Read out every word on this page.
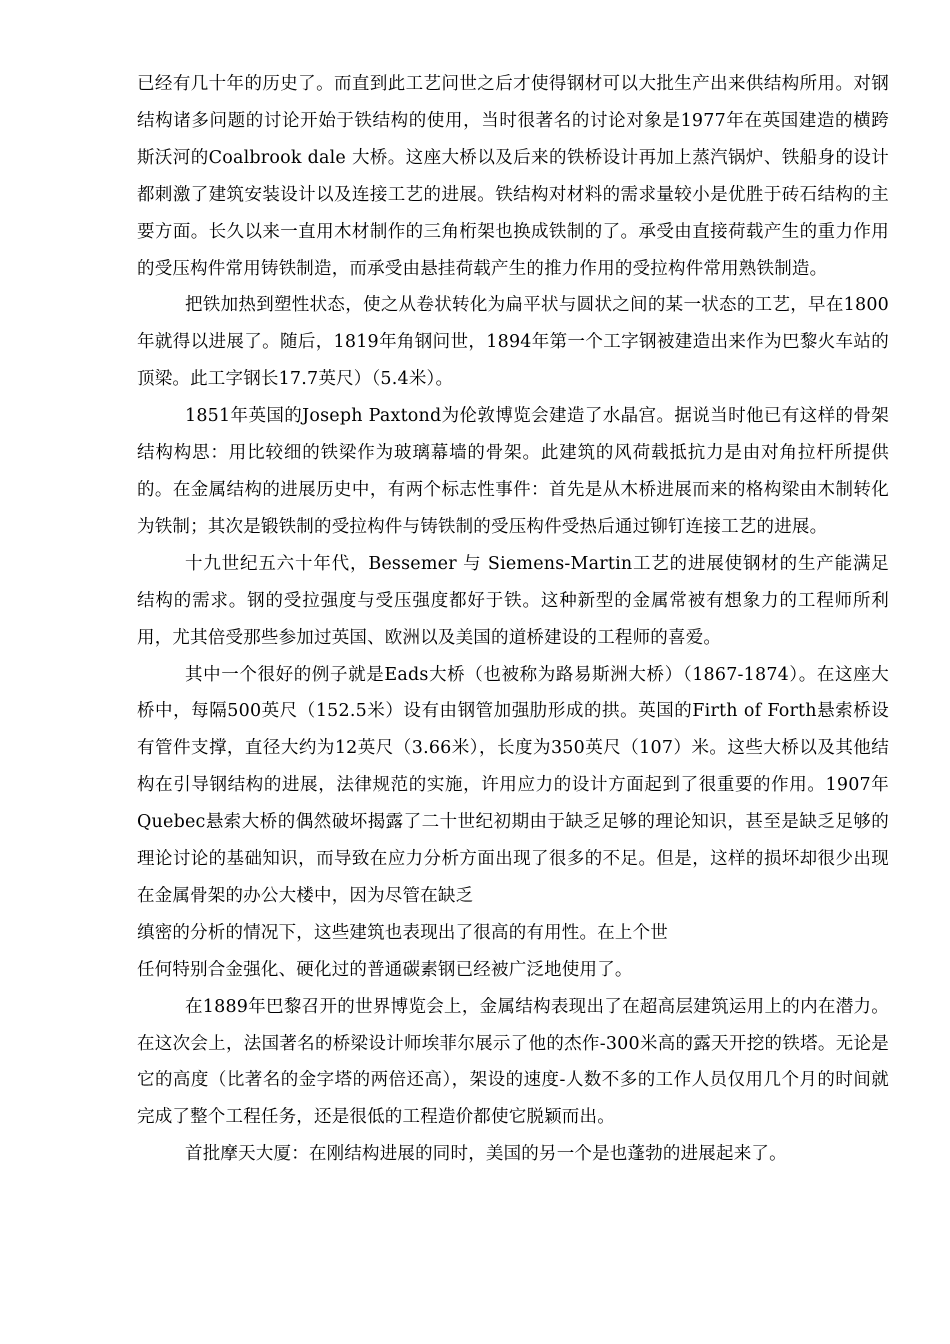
已经有几十年的历史了。而直到此工艺问世之后才使得钢材可以大批生产出来供结构所用。对钢结构诸多问题的讨论开始于铁结构的使用，当时很著名的讨论对象是1977年在英国建造的横跨斯沃河的Coalbrook dale 大桥。这座大桥以及后来的铁桥设计再加上蒸汽锅炉、铁船身的设计都刺激了建筑安装设计以及连接工艺的进展。铁结构对材料的需求量较小是优胜于砖石结构的主要方面。长久以来一直用木材制作的三角桁架也换成铁制的了。承受由直接荷载产生的重力作用的受压构件常用铸铁制造，而承受由悬挂荷载产生的推力作用的受拉构件常用熟铁制造。

把铁加热到塑性状态，使之从卷状转化为扁平状与圆状之间的某一状态的工艺，早在1800年就得以进展了。随后，1819年角钢问世，1894年第一个工字钢被建造出来作为巴黎火车站的顶梁。此工字钢长17.7英尺）（5.4米）。

1851年英国的Joseph Paxtond为伦敦博览会建造了水晶宫。据说当时他已有这样的骨架结构构思：用比较细的铁梁作为玻璃幕墙的骨架。此建筑的风荷载抵抗力是由对角拉杆所提供的。在金属结构的进展历史中，有两个标志性事件：首先是从木桥进展而来的格构梁由木制转化为铁制；其次是锻铁制的受拉构件与铸铁制的受压构件受热后通过铆钉连接工艺的进展。

十九世纪五六十年代，Bessemer 与 Siemens-Martin工艺的进展使钢材的生产能满足结构的需求。钢的受拉强度与受压强度都好于铁。这种新型的金属常被有想象力的工程师所利用，尤其倍受那些参加过英国、欧洲以及美国的道桥建设的工程师的喜爱。

其中一个很好的例子就是Eads大桥（也被称为路易斯洲大桥）（1867-1874）。在这座大桥中，每隔500英尺（152.5米）设有由钢管加强肋形成的拱。英国的Firth of Forth悬索桥设有管件支撑，直径大约为12英尺（3.66米），长度为350英尺（107）米。这些大桥以及其他结构在引导钢结构的进展，法律规范的实施，许用应力的设计方面起到了很重要的作用。1907年Quebec悬索大桥的偶然破坏揭露了二十世纪初期由于缺乏足够的理论知识，甚至是缺乏足够的理论讨论的基础知识，而导致在应力分析方面出现了很多的不足。但是，这样的损坏却很少出现在金属骨架的办公大楼中，因为尽管在缺乏

缜密的分析的情况下，这些建筑也表现出了很高的有用性。在上个世

任何特别合金强化、硬化过的普通碳素钢已经被广泛地使用了。

在1889年巴黎召开的世界博览会上，金属结构表现出了在超高层建筑运用上的内在潜力。在这次会上，法国著名的桥梁设计师埃菲尔展示了他的杰作-300米高的露天开挖的铁塔。无论是它的高度（比著名的金字塔的两倍还高），架设的速度-人数不多的工作人员仅用几个月的时间就完成了整个工程任务，还是很低的工程造价都使它脱颖而出。

首批摩天大厦：在刚结构进展的同时，美国的另一个是也蓬勃的进展起来了。
